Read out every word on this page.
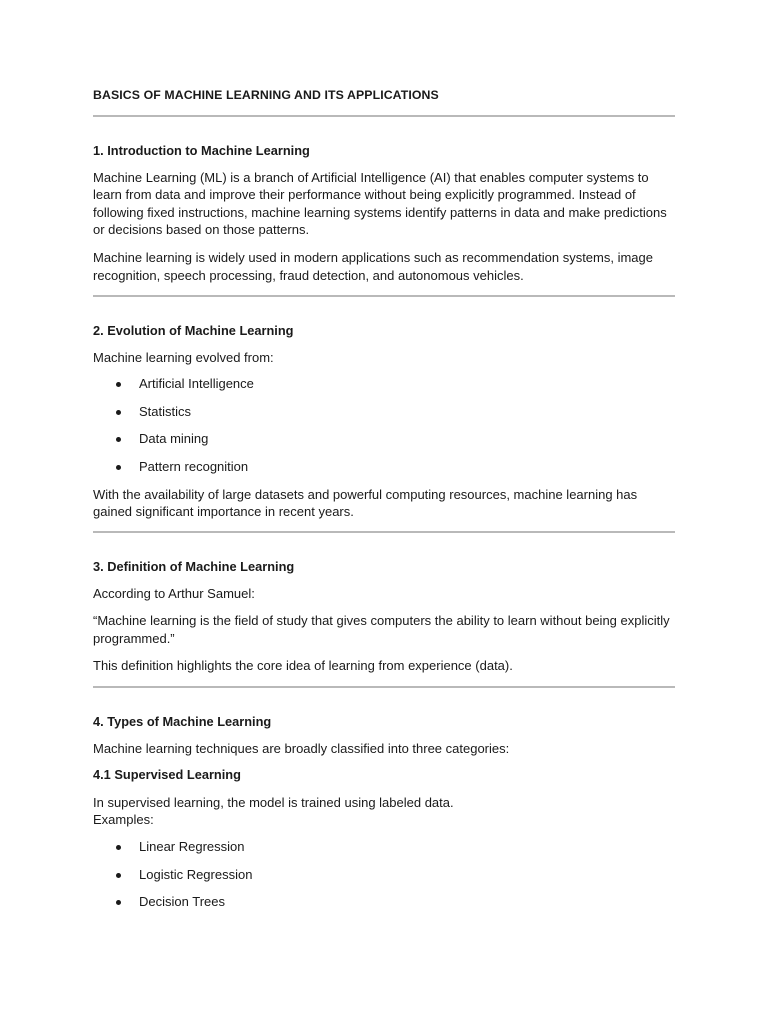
BASICS OF MACHINE LEARNING AND ITS APPLICATIONS
1. Introduction to Machine Learning

Machine Learning (ML) is a branch of Artificial Intelligence (AI) that enables computer systems to learn from data and improve their performance without being explicitly programmed. Instead of following fixed instructions, machine learning systems identify patterns in data and make predictions or decisions based on those patterns.

Machine learning is widely used in modern applications such as recommendation systems, image recognition, speech processing, fraud detection, and autonomous vehicles.

2. Evolution of Machine Learning

Machine learning evolved from:

Artificial Intelligence
Statistics
Data mining
Pattern recognition

With the availability of large datasets and powerful computing resources, machine learning has gained significant importance in recent years.

3. Definition of Machine Learning

According to Arthur Samuel:

“Machine learning is the field of study that gives computers the ability to learn without being explicitly programmed.”

This definition highlights the core idea of learning from experience (data).

4. Types of Machine Learning

Machine learning techniques are broadly classified into three categories:

4.1 Supervised Learning

In supervised learning, the model is trained using labeled data.

Examples:

Linear Regression
Logistic Regression
Decision Trees
